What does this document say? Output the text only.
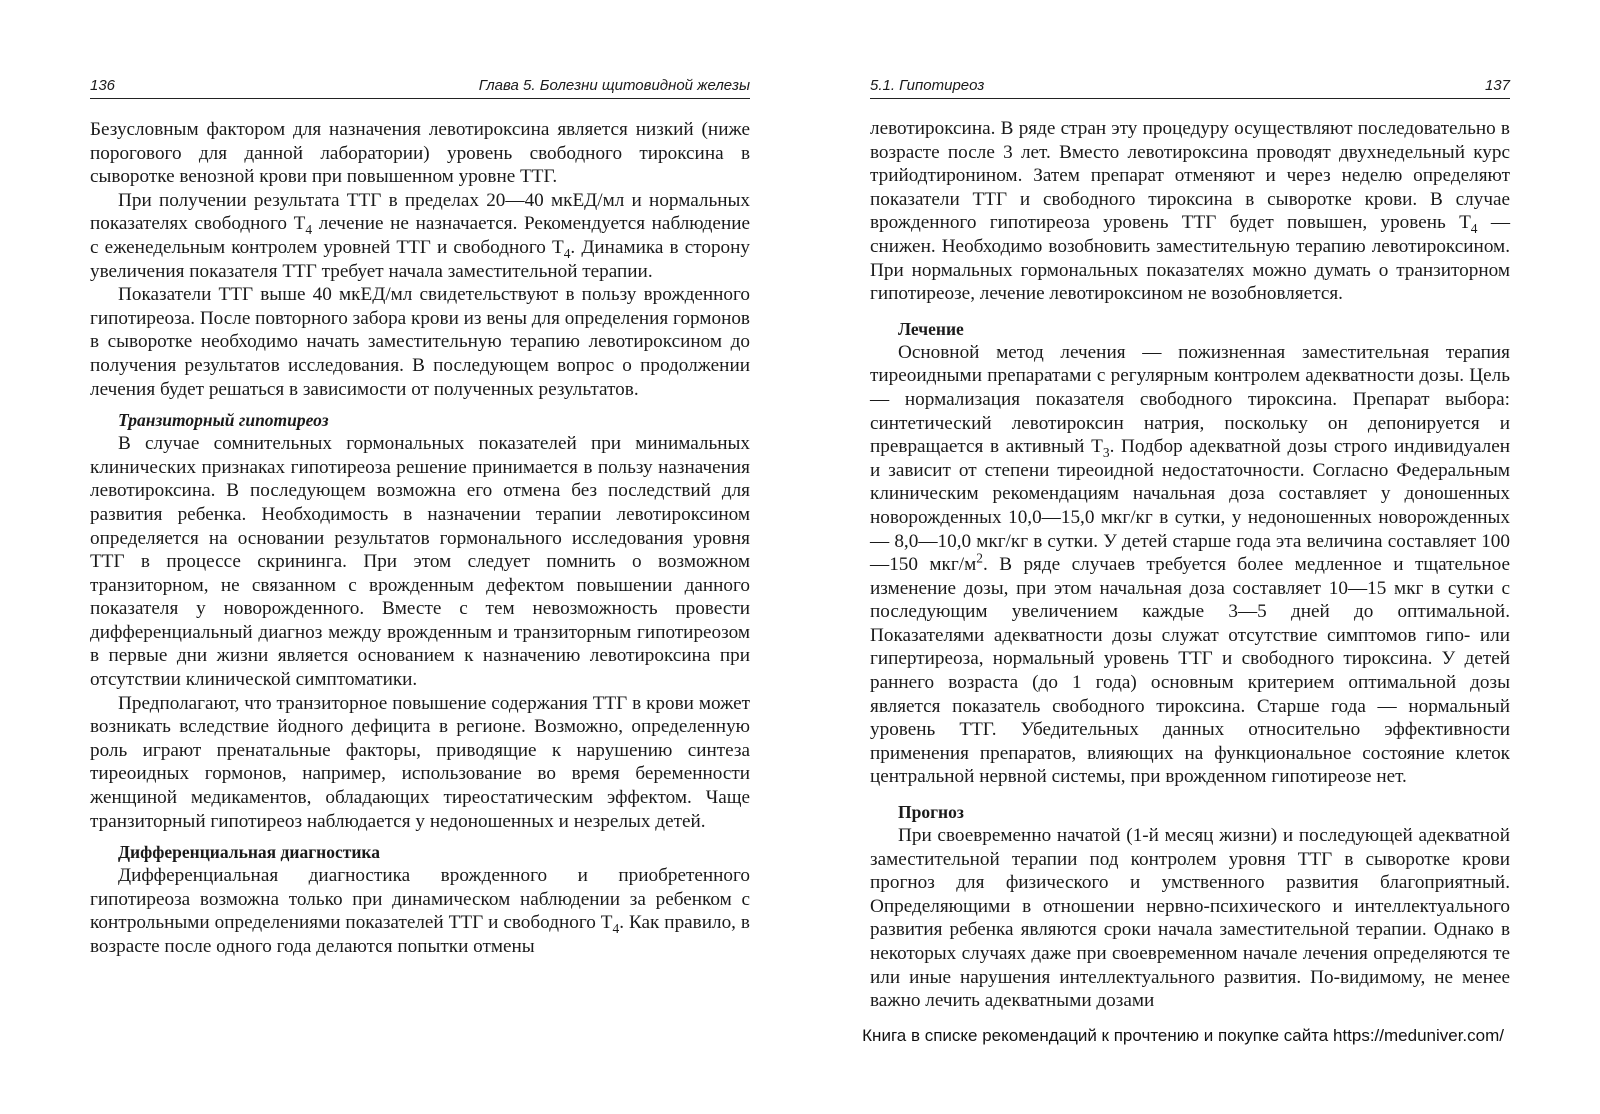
136	Глава 5. Болезни щитовидной железы

Безусловным фактором для назначения левотироксина является низкий (ниже порогового для данной лаборатории) уровень свободного тироксина в сыворотке венозной крови при повышенном уровне ТТГ.

При получении результата ТТГ в пределах 20—40 мкЕД/мл и нормальных показателях свободного $Т_4$ лечение не назначается. Рекомендуется наблюдение с еженедельным контролем уровней ТТГ и свободного $Т_4$. Динамика в сторону увеличения показателя ТТГ требует начала заместительной терапии.

Показатели ТТГ выше 40 мкЕД/мл свидетельствуют в пользу врожденного гипотиреоза. После повторного забора крови из вены для определения гормонов в сыворотке необходимо начать заместительную терапию левотироксином до получения результатов исследования. В последующем вопрос о продолжении лечения будет решаться в зависимости от полученных результатов.

Транзиторный гипотиреоз

В случае сомнительных гормональных показателей при минимальных клинических признаках гипотиреоза решение принимается в пользу назначения левотироксина. В последующем возможна его отмена без последствий для развития ребенка. Необходимость в назначении терапии левотироксином определяется на основании результатов гормонального исследования уровня ТТГ в процессе скрининга. При этом следует помнить о возможном транзиторном, не связанном с врожденным дефектом повышении данного показателя у новорожденного. Вместе с тем невозможность провести дифференциальный диагноз между врожденным и транзиторным гипотиреозом в первые дни жизни является основанием к назначению левотироксина при отсутствии клинической симптоматики.

Предполагают, что транзиторное повышение содержания ТТГ в крови может возникать вследствие йодного дефицита в регионе. Возможно, определенную роль играют пренатальные факторы, приводящие к нарушению синтеза тиреоидных гормонов, например, использование во время беременности женщиной медикаментов, обладающих тиреостатическим эффектом. Чаще транзиторный гипотиреоз наблюдается у недоношенных и незрелых детей.

Дифференциальная диагностика

Дифференциальная диагностика врожденного и приобретенного гипотиреоза возможна только при динамическом наблюдении за ребенком с контрольными определениями показателей ТТГ и свободного $Т_4$. Как правило, в возрасте после одного года делаются попытки отмены

5.1. Гипотиреоз	137

левотироксина. В ряде стран эту процедуру осуществляют последовательно в возрасте после 3 лет. Вместо левотироксина проводят двухнедельный курс трийодтиронином. Затем препарат отменяют и через неделю определяют показатели ТТГ и свободного тироксина в сыворотке крови. В случае врожденного гипотиреоза уровень ТТГ будет повышен, уровень $Т_4$ — снижен. Необходимо возобновить заместительную терапию левотироксином. При нормальных гормональных показателях можно думать о транзиторном гипотиреозе, лечение левотироксином не возобновляется.

Лечение

Основной метод лечения — пожизненная заместительная терапия тиреоидными препаратами с регулярным контролем адекватности дозы. Цель — нормализация показателя свободного тироксина. Препарат выбора: синтетический левотироксин натрия, поскольку он депонируется и превращается в активный $Т_3$. Подбор адекватной дозы строго индивидуален и зависит от степени тиреоидной недостаточности. Согласно Федеральным клиническим рекомендациям начальная доза составляет у доношенных новорожденных 10,0—15,0 мкг/кг в сутки, у недоношенных новорожденных — 8,0—10,0 мкг/кг в сутки. У детей старше года эта величина составляет 100—150 мкг/$м^2$. В ряде случаев требуется более медленное и тщательное изменение дозы, при этом начальная доза составляет 10—15 мкг в сутки с последующим увеличением каждые 3—5 дней до оптимальной. Показателями адекватности дозы служат отсутствие симптомов гипо- или гипертиреоза, нормальный уровень ТТГ и свободного тироксина. У детей раннего возраста (до 1 года) основным критерием оптимальной дозы является показатель свободного тироксина. Старше года — нормальный уровень ТТГ. Убедительных данных относительно эффективности применения препаратов, влияющих на функциональное состояние клеток центральной нервной системы, при врожденном гипотиреозе нет.

Прогноз

При своевременно начатой (1-й месяц жизни) и последующей адекватной заместительной терапии под контролем уровня ТТГ в сыворотке крови прогноз для физического и умственного развития благоприятный. Определяющими в отношении нервно-психического и интеллектуального развития ребенка являются сроки начала заместительной терапии. Однако в некоторых случаях даже при своевременном начале лечения определяются те или иные нарушения интеллектуального развития. По-видимому, не менее важно лечить адекватными дозами

Книга в списке рекомендаций к прочтению и покупке сайта https://meduniver.com/
